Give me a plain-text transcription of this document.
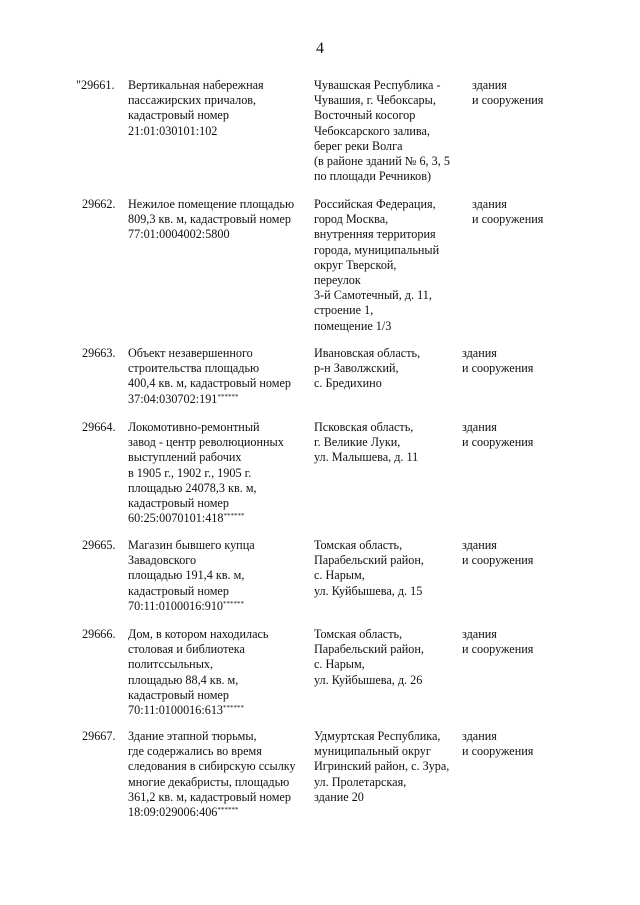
4
"29661. Вертикальная набережная
пассажирских причалов,
кадастровый номер
21:01:030101:102
Чувашская Республика -
Чувашия, г. Чебоксары,
Восточный косогор
Чебоксарского залива,
берег реки Волга
(в районе зданий № 6, 3, 5
по площади Речников)
здания
и сооружения
29662. Нежилое помещение площадью
809,3 кв. м, кадастровый номер
77:01:0004002:5800
Российская Федерация,
город Москва,
внутренняя территория
города, муниципальный
округ Тверской,
переулок
3-й Самотечный, д. 11,
строение 1,
помещение 1/3
здания
и сооружения
29663. Объект незавершенного
строительства площадью
400,4 кв. м, кадастровый номер
37:04:030702:191******
Ивановская область,
р-н Заволжский,
с. Бредихино
здания
и сооружения
29664. Локомотивно-ремонтный
завод - центр революционных
выступлений рабочих
в 1905 г., 1902 г., 1905 г.
площадью 24078,3 кв. м,
кадастровый номер
60:25:0070101:418******
Псковская область,
г. Великие Луки,
ул. Малышева, д. 11
здания
и сооружения
29665. Магазин бывшего купца
Завадовского
площадью 191,4 кв. м,
кадастровый номер
70:11:0100016:910******
Томская область,
Парабельский район,
с. Нарым,
ул. Куйбышева, д. 15
здания
и сооружения
29666. Дом, в котором находилась
столовая и библиотека
политссыльных,
площадью 88,4 кв. м,
кадастровый номер
70:11:0100016:613******
Томская область,
Парабельский район,
с. Нарым,
ул. Куйбышева, д. 26
здания
и сооружения
29667. Здание этапной тюрьмы,
где содержались во время
следования в сибирскую ссылку
многие декабристы, площадью
361,2 кв. м, кадастровый номер
18:09:029006:406******
Удмуртская Республика,
муниципальный округ
Игринский район, с. Зура,
ул. Пролетарская,
здание 20
здания
и сооружения
